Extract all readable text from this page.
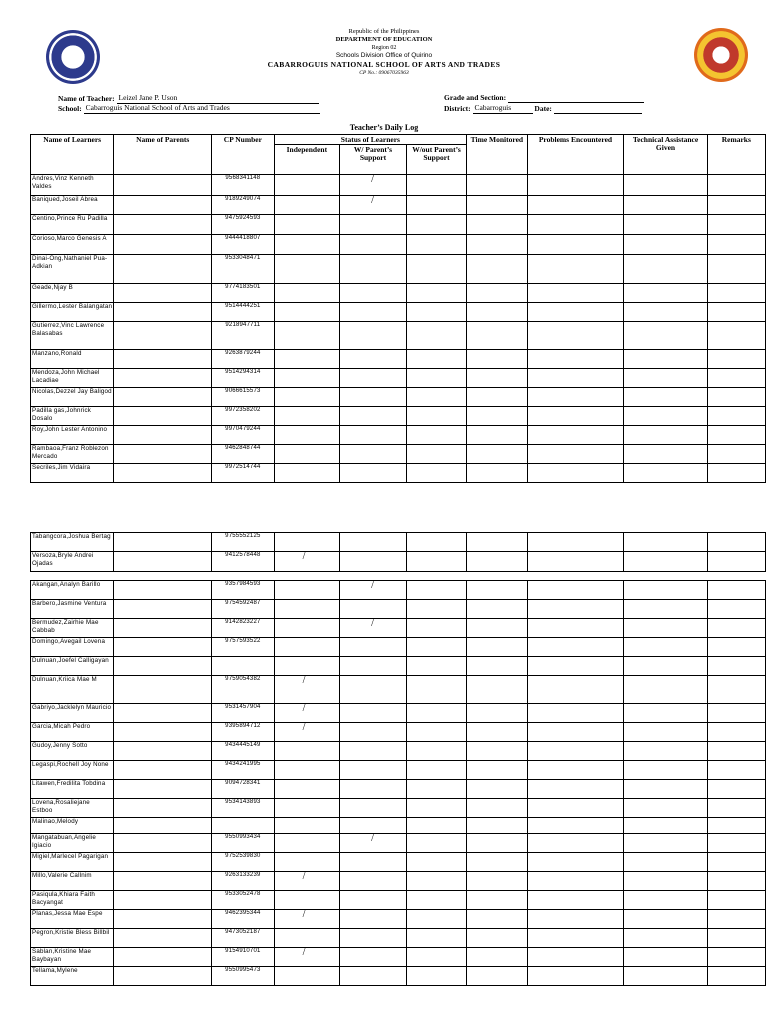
Republic of the Philippines
DEPARTMENT OF EDUCATION
Region 02
Schools Division Office of Quirino
CABARROGUIS NATIONAL SCHOOL OF ARTS AND TRADES
CP No.: 09067035963
Name of Teacher: Leizel Jane P. Uson
School: Cabarroguis National School of Arts and Trades
Grade and Section:
District: Cabarroguis	Date:
Teacher’s Daily Log
Name of Learners	Name of Parents	CP Number	Status of Learners			Time Monitored	Problems Encountered	Technical Assistance Given	Remarks
			Independent	W/ Parent’s Support	W/out Parent’s Support				
Andres,Vinz Kenneth Valdes		9568341148		/					
Baniqued,Joseil Abrea		9189249074		/					
Centino,Prince Ru Padilla		9475924593							
Corioso,Marco Genesis A		9444418807							
Dinai-Ong,Nathaniel Pua-Adkian		9533048471							
Geade,Njay B		9774183501							
Gillermo,Lester Balangatan		9514444251							
Gutierrez,Vinc Lawrence Balasabas		9218947711							
Manzano,Ronald		9263879244							
Mendoza,John Michael Lacadiae		9514294314							
Nicolas,Dezzel Jay Baligod		9066615573							
Padilla gas,Johnrick Dosalo		9972358202							
Roy,John Lester Antonino		9970479244							
Rambaoa,Franz Roblezon Mercado		9462848744							
Secriles,Jim Vidaira		9972514744							
Tabangcora,Joshua Bertag		9755552125							
Versoza,Bryle Andrei Ojadas		9412578448	/						
Akangan,Analyn Barillo		9357984593		/					
Barbero,Jasmine Ventura		9754592487							
Bermudez,Zairhie Mae Cabbab		9142823227		/					
Domingo,Avegail Lovena		9757593522							
Dulnuan,Joefel Calligayan									
Dulnuan,Kriica Mae M		9759054382	/						
Gabriyo,Jacklelyn Mauricio		9531457904	/						
Garcia,Micah Pedro		9395894712	/						
Gudoy,Jenny Sotto		9434445149							
Legaspi,Rochell Joy None		9434241995							
Litawen,Fredilita Tobdina		9094728341							
Lovena,Rosaliejane Estboo		9534143893							
Malinao,Melody									
Mangatabuan,Angelie Igiacio		9550993434		/					
Migiel,Marlecel Pagarigan		9752539830							
Millo,Valerie Callnim		9263133239	/						
Pasiqula,Khiara Faith Bacyangat		9533052478							
Planas,Jessa Mae Espe		9462395344	/						
Pegron,Kristie Bless Billbil		9473052187							
Sablan,Kristine Mae Baybayan		9154910701	/						
Tellama,Mylene		9550995473							
